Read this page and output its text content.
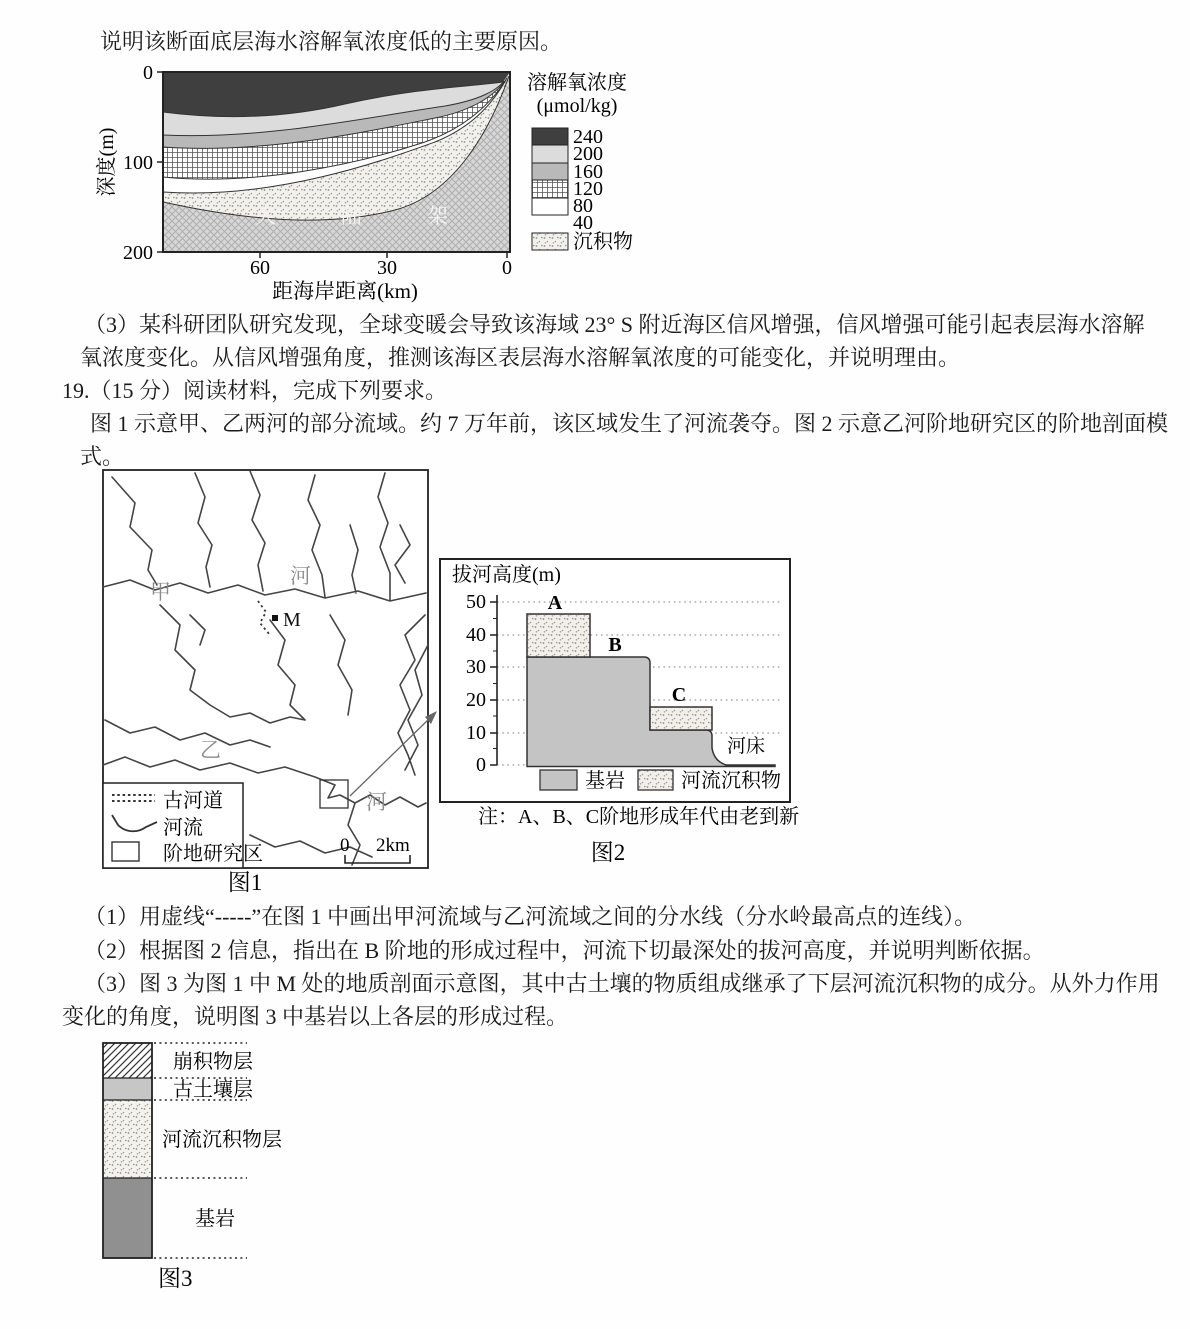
说明该断面底层海水溶解氧浓度低的主要原因。
（3）某科研团队研究发现，全球变暖会导致该海域 23° S 附近海区信风增强，信风增强可能引起表层海水溶解
氧浓度变化。从信风增强角度，推测该海区表层海水溶解氧浓度的可能变化，并说明理由。
19.（15 分）阅读材料，完成下列要求。
图 1 示意甲、乙两河的部分流域。约 7 万年前，该区域发生了河流袭夺。图 2 示意乙河阶地研究区的阶地剖面模
式。
（1）用虚线“-----”在图 1 中画出甲河流域与乙河流域之间的分水线（分水岭最高点的连线）。
（2）根据图 2 信息，指出在 B 阶地的形成过程中，河流下切最深处的拔河高度，并说明判断依据。
（3）图 3 为图 1 中 M 处的地质剖面示意图，其中古土壤的物质组成继承了下层河流沉积物的成分。从外力作用
变化的角度，说明图 3 中基岩以上各层的形成过程。
大	陆	架
0
100
200
深度(m)
60	30	0
距海岸距离(km)
溶解氧浓度
(μmol/kg)
240
200
160
120
80
40
沉积物
M
甲
河
乙
河
古河道
河流
阶地研究区	0 2km
图1
拔河高度(m)
50
40
30
20
10
0
A
B
C
河床
基岩	河流沉积物
注：A、B、C阶地形成年代由老到新
图2
崩积物层
古土壤层
河流沉积物层
基岩
图3
